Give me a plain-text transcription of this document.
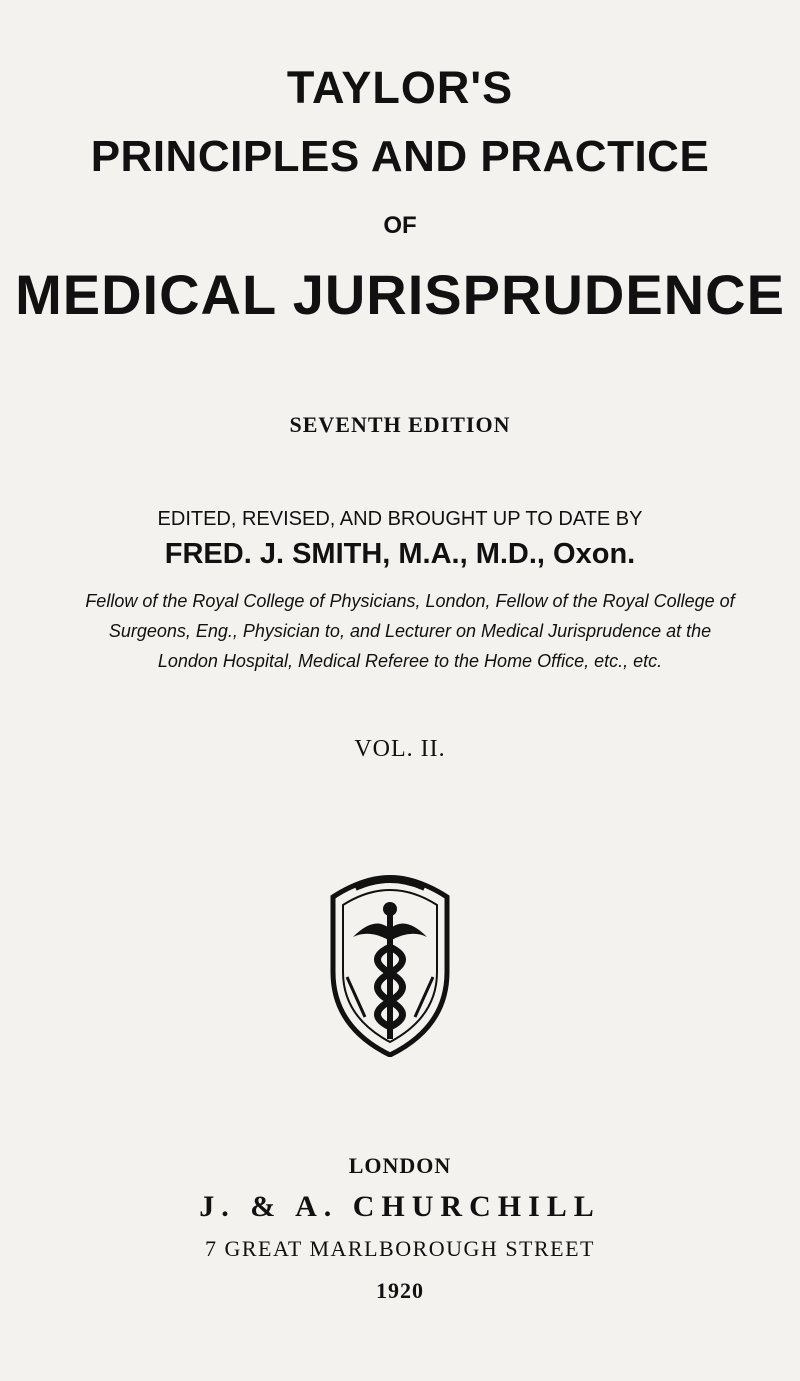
TAYLOR'S
PRINCIPLES AND PRACTICE
OF
MEDICAL JURISPRUDENCE
SEVENTH EDITION
EDITED, REVISED, AND BROUGHT UP TO DATE BY
FRED. J. SMITH, M.A., M.D., Oxon.
Fellow of the Royal College of Physicians, London, Fellow of the Royal College of
Surgeons, Eng., Physician to, and Lecturer on Medical Jurisprudence at the
London Hospital, Medical Referee to the Home Office, etc., etc.
VOL. II.
LONDON
J. & A. CHURCHILL
7 GREAT MARLBOROUGH STREET
1920
